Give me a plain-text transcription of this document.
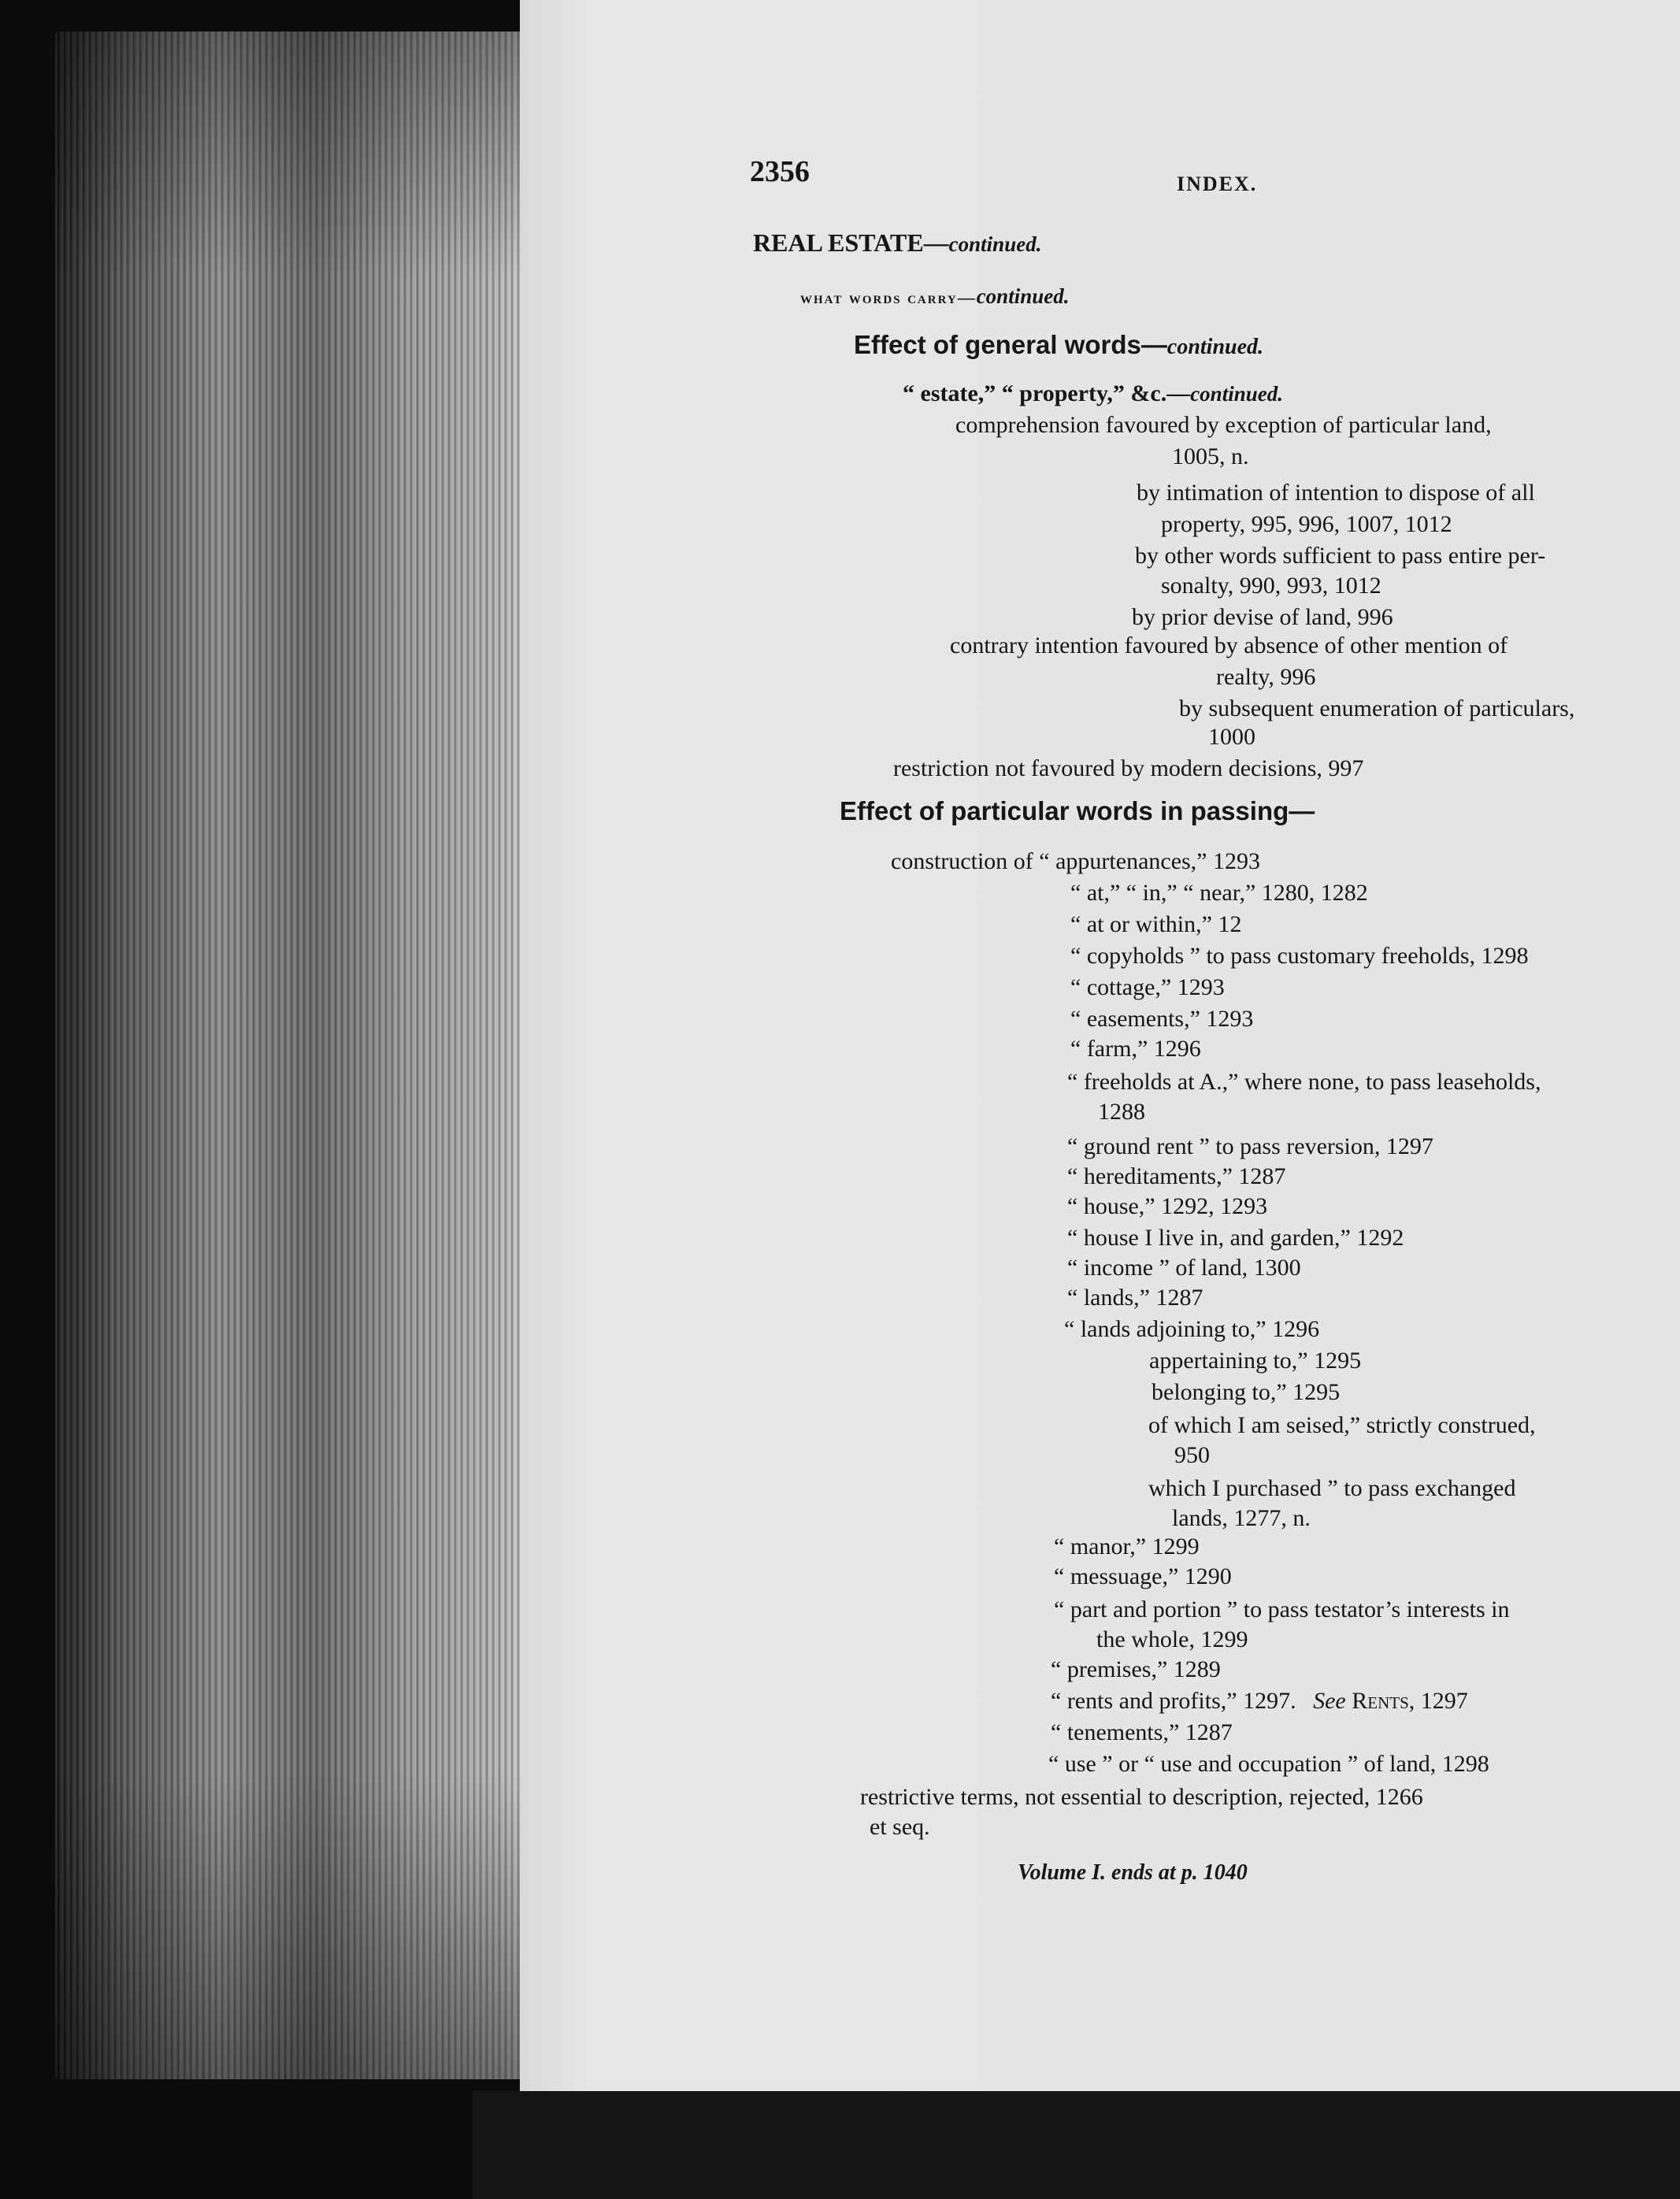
2356	INDEX.
REAL ESTATE—continued.
what words carry—continued.
Effect of general words—continued.
“ estate,” “ property,” &c.—continued.
comprehension favoured by exception of particular land,
1005, n.
by intimation of intention to dispose of all
property, 995, 996, 1007, 1012
by other words sufficient to pass entire per-
sonalty, 990, 993, 1012
by prior devise of land, 996
contrary intention favoured by absence of other mention of
realty, 996
by subsequent enumeration of particulars,
1000
restriction not favoured by modern decisions, 997
Effect of particular words in passing—
construction of “ appurtenances,” 1293
“ at,” “ in,” “ near,” 1280, 1282
“ at or within,” 12
“ copyholds ” to pass customary freeholds, 1298
“ cottage,” 1293
“ easements,” 1293
“ farm,” 1296
“ freeholds at A.,” where none, to pass leaseholds,
1288
“ ground rent ” to pass reversion, 1297
“ hereditaments,” 1287
“ house,” 1292, 1293
“ house I live in, and garden,” 1292
“ income ” of land, 1300
“ lands,” 1287
“ lands adjoining to,” 1296
appertaining to,” 1295
belonging to,” 1295
of which I am seised,” strictly construed,
950
which I purchased ” to pass exchanged
lands, 1277, n.
“ manor,” 1299
“ messuage,” 1290
“ part and portion ” to pass testator’s interests in
the whole, 1299
“ premises,” 1289
“ rents and profits,” 1297. See Rents, 1297
“ tenements,” 1287
“ use ” or “ use and occupation ” of land, 1298
restrictive terms, not essential to description, rejected, 1266
et seq.
Volume I. ends at p. 1040
